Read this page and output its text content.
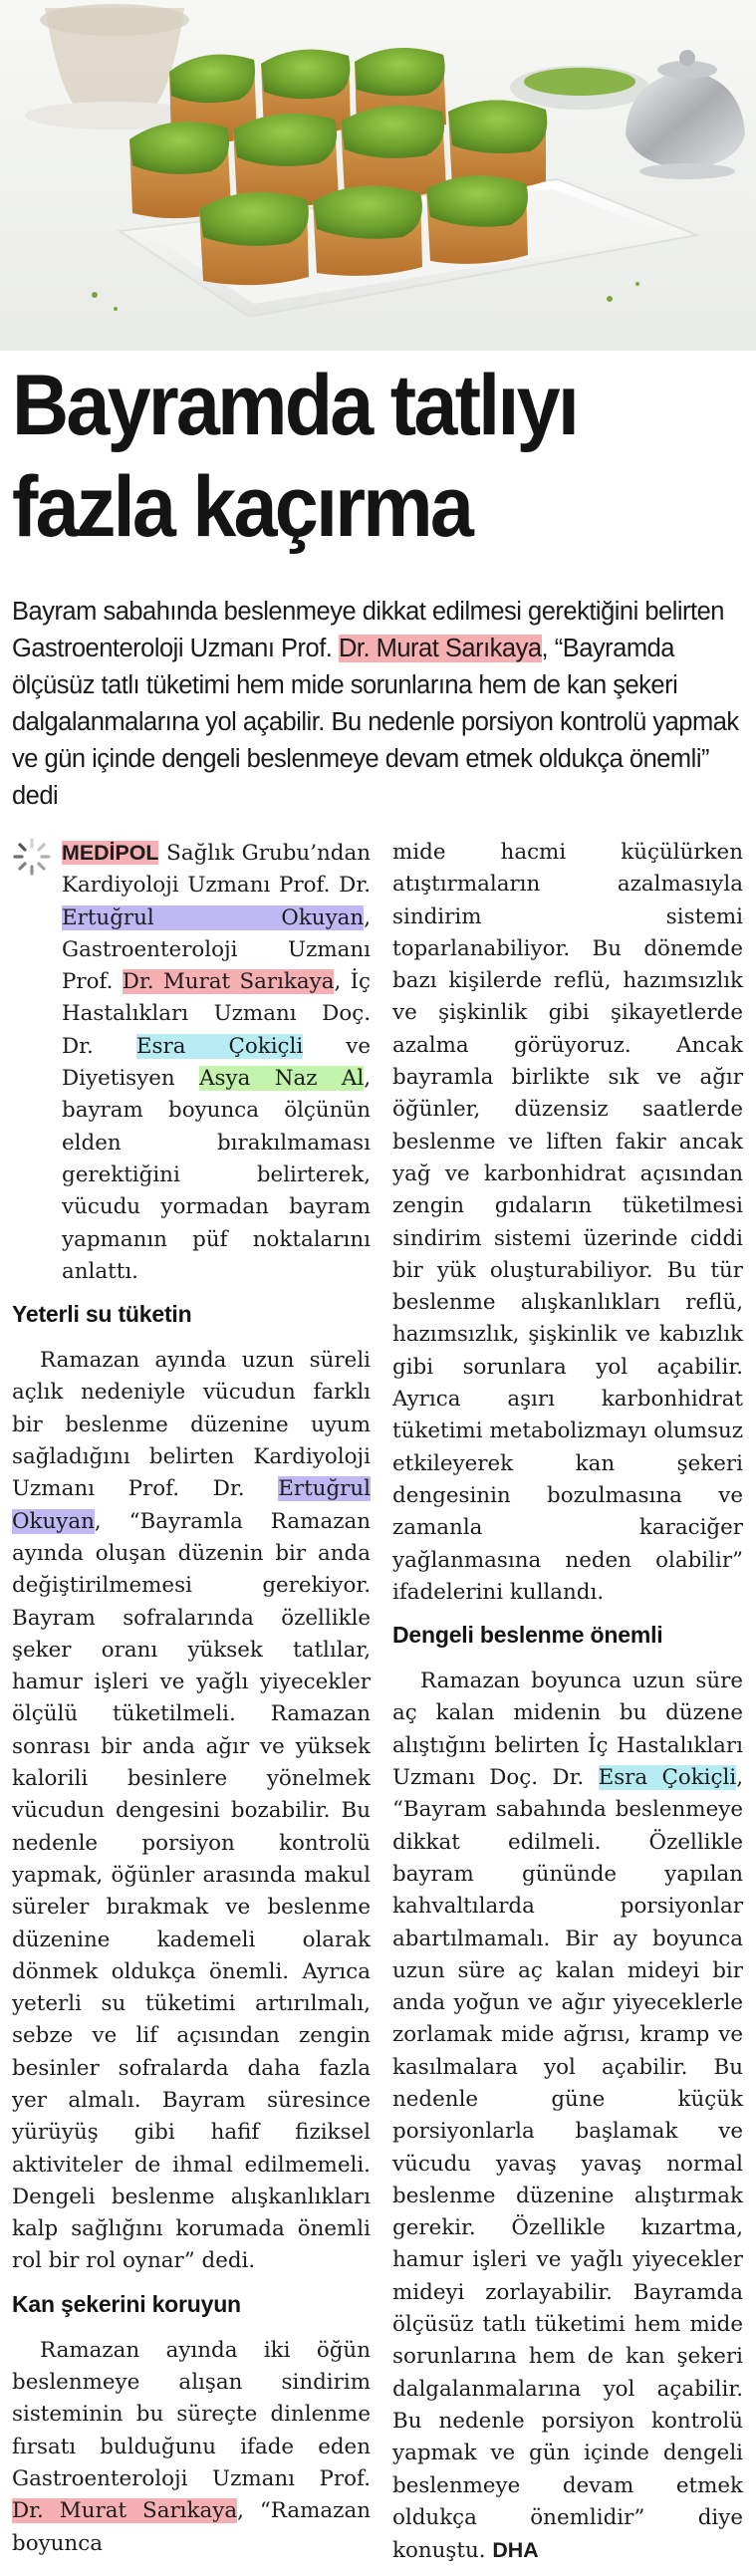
Bayramda tatlıyı
fazla kaçırma

Bayram sabahında beslenmeye dikkat edilmesi gerektiğini belirten Gastroenteroloji Uzmanı Prof. Dr. Murat Sarıkaya, “Bayramda ölçüsüz tatlı tüketimi hem mide sorunlarına hem de kan şekeri dalgalanmalarına yol açabilir. Bu nedenle porsiyon kontrolü yapmak ve gün içinde dengeli beslenmeye devam etmek oldukça önemli” dedi

MEDİPOL Sağlık Grubu’ndan Kardiyoloji Uzmanı Prof. Dr. Ertuğrul Okuyan, Gastroenteroloji Uzmanı Prof. Dr. Murat Sarıkaya, İç Hastalıkları Uzmanı Doç. Dr. Esra Çokiçli ve Diyetisyen Asya Naz Al, bayram boyunca ölçünün elden bırakılmaması gerektiğini belirterek, vücudu yormadan bayram yapmanın püf noktalarını anlattı.

Yeterli su tüketin

Ramazan ayında uzun süreli açlık nedeniyle vücudun farklı bir beslenme düzenine uyum sağladığını belirten Kardiyoloji Uzmanı Prof. Dr. Ertuğrul Okuyan, “Bayramla Ramazan ayında oluşan düzenin bir anda değiştirilmemesi gerekiyor. Bayram sofralarında özellikle şeker oranı yüksek tatlılar, hamur işleri ve yağlı yiyecekler ölçülü tüketilmeli. Ramazan sonrası bir anda ağır ve yüksek kalorili besinlere yönelmek vücudun dengesini bozabilir. Bu nedenle porsiyon kontrolü yapmak, öğünler arasında makul süreler bırakmak ve beslenme düzenine kademeli olarak dönmek oldukça önemli. Ayrıca yeterli su tüketimi artırılmalı, sebze ve lif açısından zengin besinler sofralarda daha fazla yer almalı. Bayram süresince yürüyüş gibi hafif fiziksel aktiviteler de ihmal edilmemeli. Dengeli beslenme alışkanlıkları kalp sağlığını korumada önemli rol bir rol oynar” dedi.

Kan şekerini koruyun

Ramazan ayında iki öğün beslenmeye alışan sindirim sisteminin bu süreçte dinlenme fırsatı bulduğunu ifade eden Gastroenteroloji Uzmanı Prof. Dr. Murat Sarıkaya, “Ramazan boyunca

mide hacmi küçülürken atıştırmaların azalmasıyla sindirim sistemi toparlanabiliyor. Bu dönemde bazı kişilerde reflü, hazımsızlık ve şişkinlik gibi şikayetlerde azalma görüyoruz. Ancak bayramla birlikte sık ve ağır öğünler, düzensiz saatlerde beslenme ve liften fakir ancak yağ ve karbonhidrat açısından zengin gıdaların tüketilmesi sindirim sistemi üzerinde ciddi bir yük oluşturabiliyor. Bu tür beslenme alışkanlıkları reflü, hazımsızlık, şişkinlik ve kabızlık gibi sorunlara yol açabilir. Ayrıca aşırı karbonhidrat tüketimi metabolizmayı olumsuz etkileyerek kan şekeri dengesinin bozulmasına ve zamanla karaciğer yağlanmasına neden olabilir” ifadelerini kullandı.

Dengeli beslenme önemli

Ramazan boyunca uzun süre aç kalan midenin bu düzene alıştığını belirten İç Hastalıkları Uzmanı Doç. Dr. Esra Çokiçli, “Bayram sabahında beslenmeye dikkat edilmeli. Özellikle bayram gününde yapılan kahvaltılarda porsiyonlar abartılmamalı. Bir ay boyunca uzun süre aç kalan mideyi bir anda yoğun ve ağır yiyeceklerle zorlamak mide ağrısı, kramp ve kasılmalara yol açabilir. Bu nedenle güne küçük porsiyonlarla başlamak ve vücudu yavaş yavaş normal beslenme düzenine alıştırmak gerekir. Özellikle kızartma, hamur işleri ve yağlı yiyecekler mideyi zorlayabilir. Bayramda ölçüsüz tatlı tüketimi hem mide sorunlarına hem de kan şekeri dalgalanmalarına yol açabilir. Bu nedenle porsiyon kontrolü yapmak ve gün içinde dengeli beslenmeye devam etmek oldukça önemlidir” diye konuştu. DHA
